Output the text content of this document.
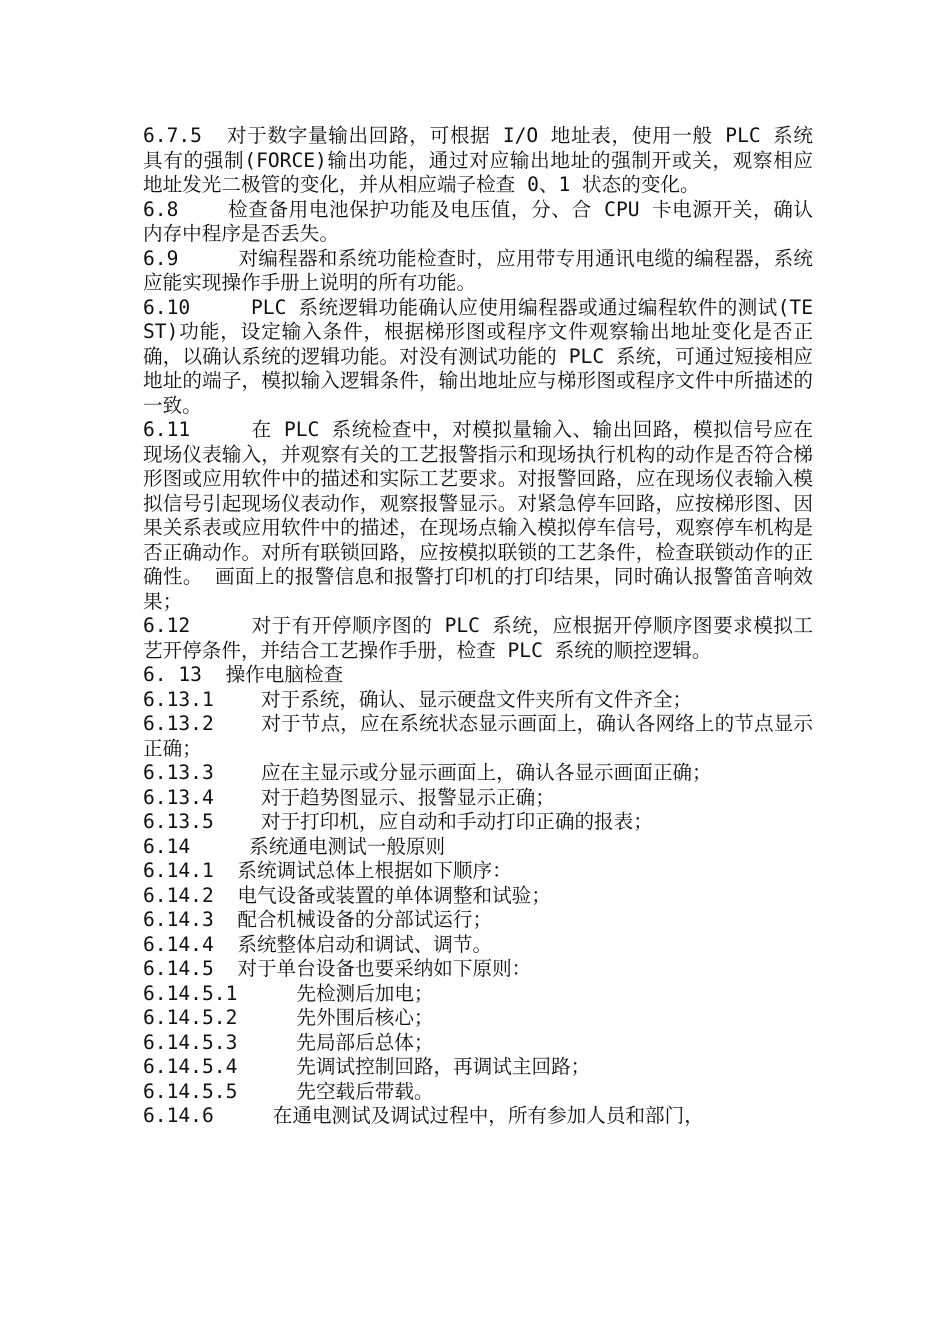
6.7.5  对于数字量输出回路，可根据 I/O 地址表，使用一般 PLC 系统具有的强制(FORCE)输出功能，通过对应输出地址的强制开或关，观察相应地址发光二极管的变化，并从相应端子检查 0、1 状态的变化。

6.8    检查备用电池保护功能及电压值，分、合 CPU 卡电源开关，确认内存中程序是否丢失。

6.9     对编程器和系统功能检查时，应用带专用通讯电缆的编程器，系统应能实现操作手册上说明的所有功能。

6.10     PLC 系统逻辑功能确认应使用编程器或通过编程软件的测试(TEST)功能，设定输入条件，根据梯形图或程序文件观察输出地址变化是否正确，以确认系统的逻辑功能。对没有测试功能的 PLC 系统，可通过短接相应地址的端子，模拟输入逻辑条件，输出地址应与梯形图或程序文件中所描述的一致。

6.11     在 PLC 系统检查中，对模拟量输入、输出回路，模拟信号应在现场仪表输入，并观察有关的工艺报警指示和现场执行机构的动作是否符合梯形图或应用软件中的描述和实际工艺要求。对报警回路，应在现场仪表输入模拟信号引起现场仪表动作，观察报警显示。对紧急停车回路，应按梯形图、因果关系表或应用软件中的描述，在现场点输入模拟停车信号，观察停车机构是否正确动作。对所有联锁回路，应按模拟联锁的工艺条件，检查联锁动作的正确性。 画面上的报警信息和报警打印机的打印结果，同时确认报警笛音响效果；

6.12     对于有开停顺序图的 PLC 系统，应根据开停顺序图要求模拟工艺开停条件，并结合工艺操作手册，检查 PLC 系统的顺控逻辑。

6. 13  操作电脑检查

6.13.1    对于系统，确认、显示硬盘文件夹所有文件齐全；

6.13.2    对于节点，应在系统状态显示画面上，确认各网络上的节点显示正确；

6.13.3    应在主显示或分显示画面上，确认各显示画面正确；

6.13.4    对于趋势图显示、报警显示正确；

6.13.5    对于打印机，应自动和手动打印正确的报表；

6.14     系统通电测试一般原则

6.14.1  系统调试总体上根据如下顺序：

6.14.2  电气设备或装置的单体调整和试验；

6.14.3  配合机械设备的分部试运行；

6.14.4  系统整体启动和调试、调节。

6.14.5  对于单台设备也要采纳如下原则：

6.14.5.1     先检测后加电；

6.14.5.2     先外围后核心；

6.14.5.3     先局部后总体；

6.14.5.4     先调试控制回路，再调试主回路；

6.14.5.5     先空载后带载。

6.14.6     在通电测试及调试过程中，所有参加人员和部门，
